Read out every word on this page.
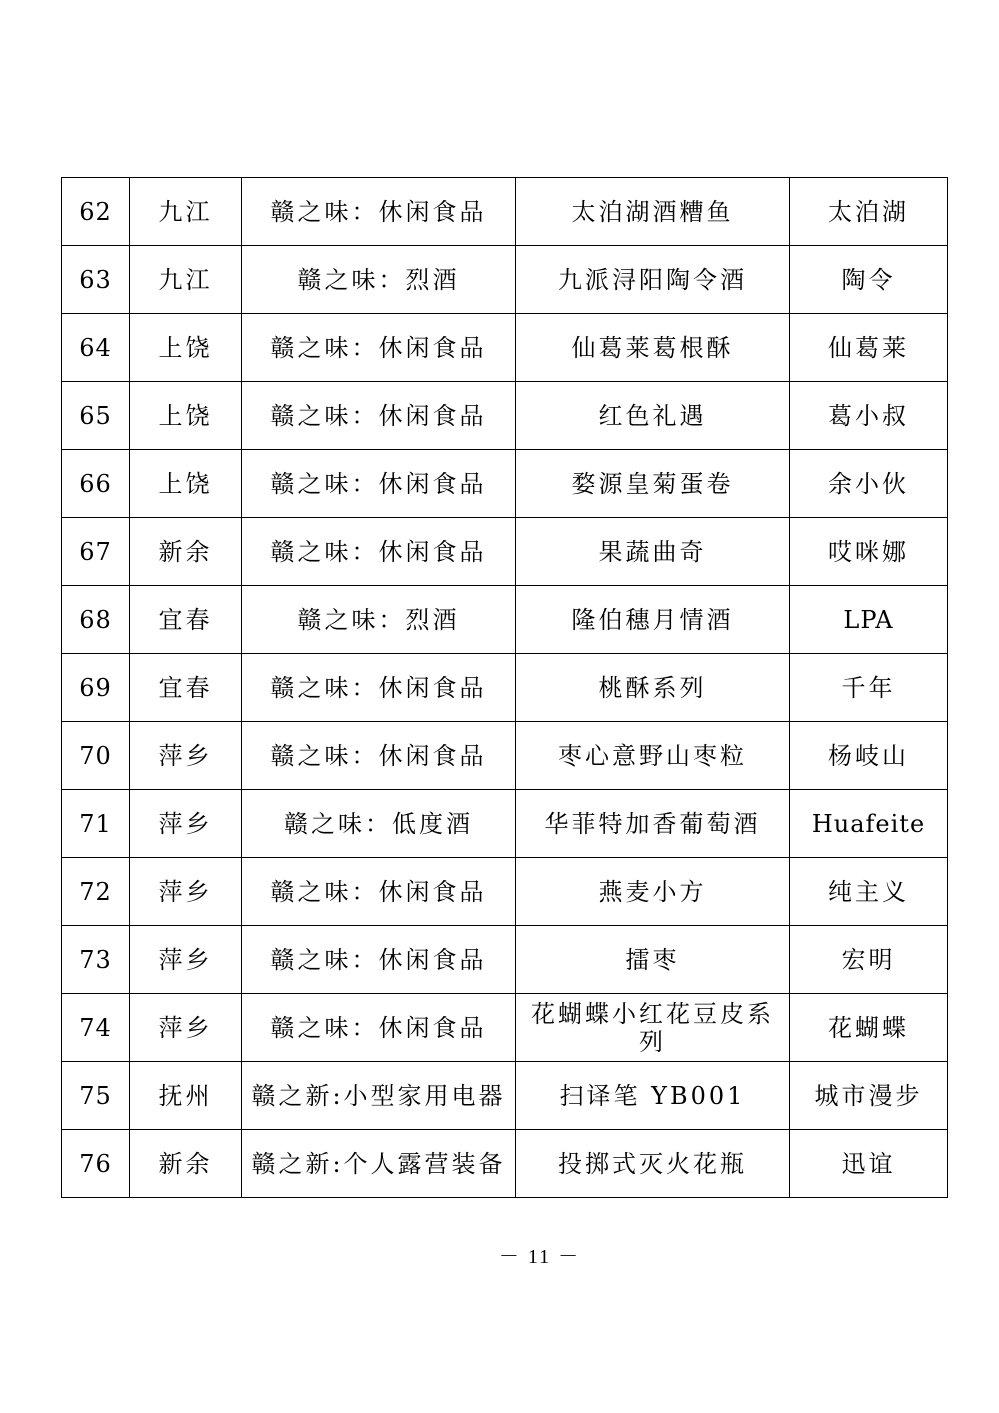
62	九江	赣之味：休闲食品	太泊湖酒糟鱼	太泊湖
63	九江	赣之味：烈酒	九派浔阳陶令酒	陶令
64	上饶	赣之味：休闲食品	仙葛莱葛根酥	仙葛莱
65	上饶	赣之味：休闲食品	红色礼遇	葛小叔
66	上饶	赣之味：休闲食品	婺源皇菊蛋卷	余小伙
67	新余	赣之味：休闲食品	果蔬曲奇	哎咪娜
68	宜春	赣之味：烈酒	隆伯穗月情酒	LPA
69	宜春	赣之味：休闲食品	桃酥系列	千年
70	萍乡	赣之味：休闲食品	枣心意野山枣粒	杨岐山
71	萍乡	赣之味：低度酒	华菲特加香葡萄酒	Huafeite
72	萍乡	赣之味：休闲食品	燕麦小方	纯主义
73	萍乡	赣之味：休闲食品	擂枣	宏明
74	萍乡	赣之味：休闲食品	花蝴蝶小红花豆皮系列	花蝴蝶
75	抚州	赣之新:小型家用电器	扫译笔 YB001	城市漫步
76	新余	赣之新:个人露营装备	投掷式灭火花瓶	迅谊
－ 11 －
